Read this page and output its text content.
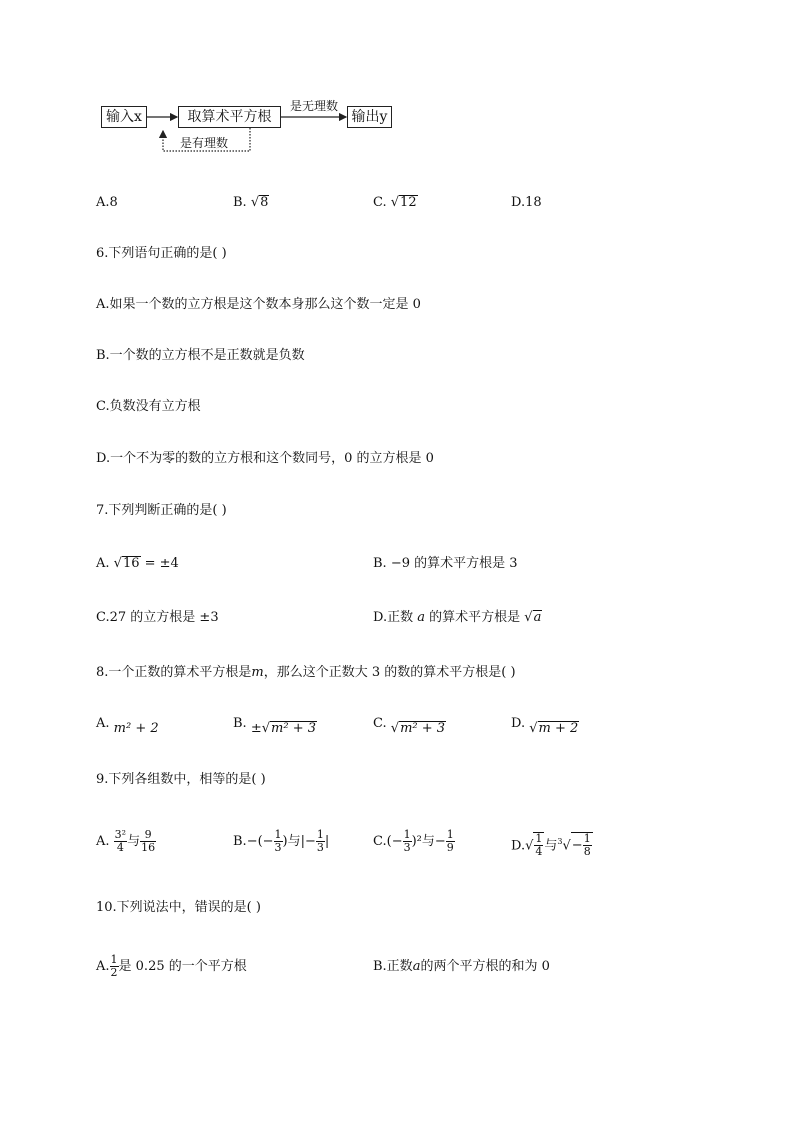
输入x	取算术平方根	输出y
是无理数
是有理数
A.8	B. √8	C. √12	D.18
6.下列语句正确的是( )
A.如果一个数的立方根是这个数本身那么这个数一定是 0
B.一个数的立方根不是正数就是负数
C.负数没有立方根
D.一个不为零的数的立方根和这个数同号，0 的立方根是 0
7.下列判断正确的是( )
A. √16 = ±4	B. −9 的算术平方根是 3
C.27 的立方根是 ±3	D.正数 a 的算术平方根是 √a
8.一个正数的算术平方根是m，那么这个正数大 3 的数的算术平方根是( )
A. m² + 2	B. ±√m² + 3	C. √m² + 3	D. √m + 2
9.下列各组数中，相等的是( )
A. $\frac{\text{3²}}{4}$ 与 $\frac{9}{16}$	$B.-(- \frac{1}{3}$ )与|− $\frac{1}{3}$ |	$C.(- \frac{1}{3} )^2$与− $\frac{1}{9}$	$D.√ \frac{1}{4}$ 与$^3√- \frac{1}{8}$
10.下列说法中，错误的是( )
A. $\frac{1}{2}$ 是 0.25 的一个平方根	B.正数a的两个平方根的和为 0
